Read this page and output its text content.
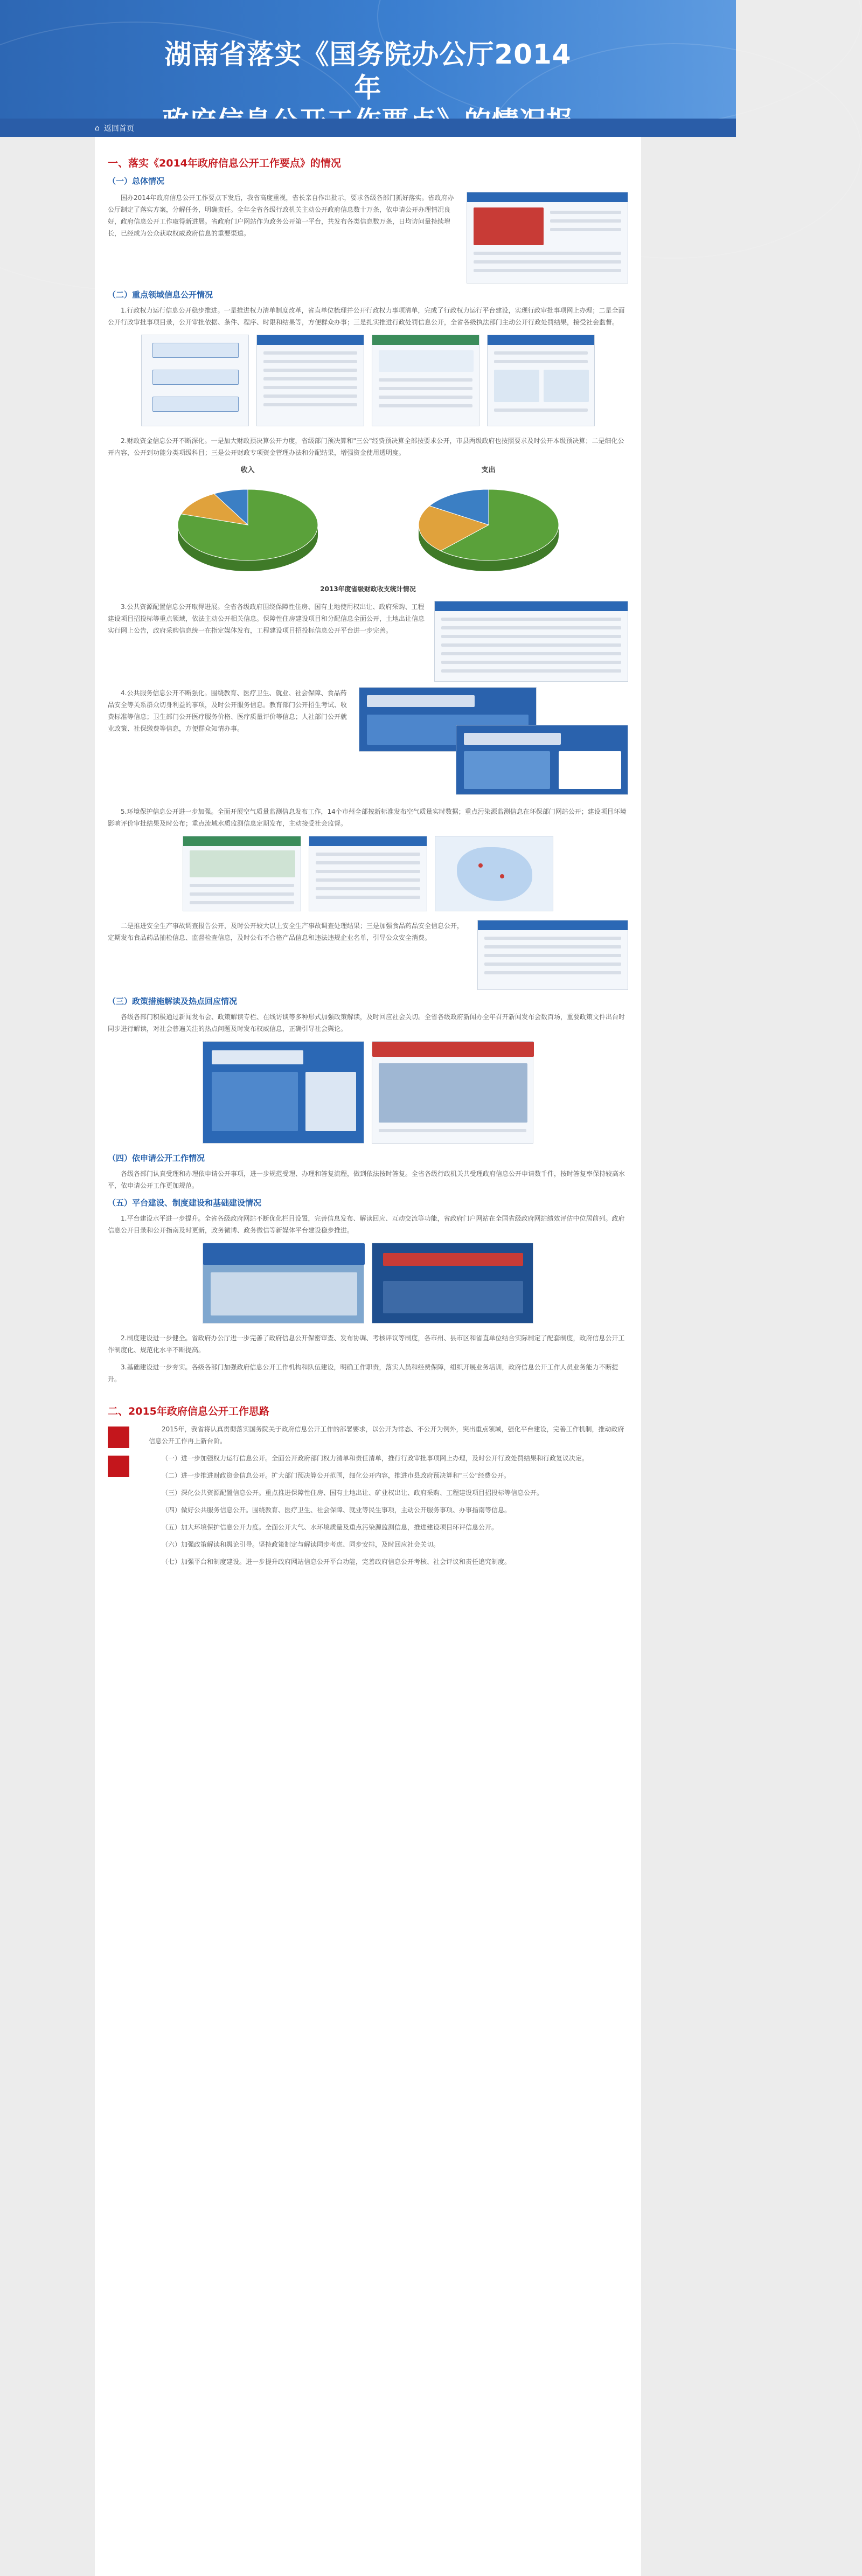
湖南省落实《国务院办公厅2014年
⌂ 返回首页
一、落实《2014年政府信息公开工作要点》的情况
（一）总体情况

国办2014年政府信息公开工作要点下发后，我省高度重视，省长亲自作出批示，要求各级各部门抓好落实。省政府办公厅制定了落实方案，分解任务，明确责任。全年全省各级行政机关主动公开政府信息数十万条，依申请公开办理情况良好，政府信息公开工作取得新进展。省政府门户网站作为政务公开第一平台，共发布各类信息数万条，日均访问量持续增长，已经成为公众获取权威政府信息的重要渠道。

（二）重点领域信息公开情况

1.行政权力运行信息公开稳步推进。一是推进权力清单制度改革，省直单位梳理并公开行政权力事项清单，完成了行政权力运行平台建设，实现行政审批事项网上办理；二是全面公开行政审批事项目录，公开审批依据、条件、程序、时限和结果等，方便群众办事；三是扎实推进行政处罚信息公开，全省各级执法部门主动公开行政处罚结果，接受社会监督。

2.财政资金信息公开不断深化。一是加大财政预决算公开力度，省级部门预决算和"三公"经费预决算全部按要求公开，市县两级政府也按照要求及时公开本级预决算；二是细化公开内容，公开到功能分类项级科目；三是公开财政专项资金管理办法和分配结果，增强资金使用透明度。

收入	支出
2013年度省级财政收支统计情况

3.公共资源配置信息公开取得进展。全省各级政府围绕保障性住房、国有土地使用权出让、政府采购、工程建设项目招投标等重点领域，依法主动公开相关信息。保障性住房建设项目和分配信息全面公开，土地出让信息实行网上公告，政府采购信息统一在指定媒体发布，工程建设项目招投标信息公开平台进一步完善。

4.公共服务信息公开不断强化。围绕教育、医疗卫生、就业、社会保障、食品药品安全等关系群众切身利益的事项，及时公开服务信息。教育部门公开招生考试、收费标准等信息；卫生部门公开医疗服务价格、医疗质量评价等信息；人社部门公开就业政策、社保缴费等信息，方便群众知情办事。

5.环境保护信息公开进一步加强。全面开展空气质量监测信息发布工作，14个市州全部按新标准发布空气质量实时数据；重点污染源监测信息在环保部门网站公开；建设项目环境影响评价审批结果及时公布；重点流域水质监测信息定期发布，主动接受社会监督。

二是推进安全生产事故调查报告公开，及时公开较大以上安全生产事故调查处理结果；三是加强食品药品安全信息公开，定期发布食品药品抽检信息、监督检查信息，及时公布不合格产品信息和违法违规企业名单，引导公众安全消费。

（三）政策措施解读及热点回应情况

各级各部门积极通过新闻发布会、政策解读专栏、在线访谈等多种形式加强政策解读，及时回应社会关切。全省各级政府新闻办全年召开新闻发布会数百场，重要政策文件出台时同步进行解读，对社会普遍关注的热点问题及时发布权威信息，正确引导社会舆论。

（四）依申请公开工作情况

各级各部门认真受理和办理依申请公开事项，进一步规范受理、办理和答复流程，做到依法按时答复。全省各级行政机关共受理政府信息公开申请数千件，按时答复率保持较高水平，依申请公开工作更加规范。

（五）平台建设、制度建设和基础建设情况

1.平台建设水平进一步提升。全省各级政府网站不断优化栏目设置，完善信息发布、解读回应、互动交流等功能，省政府门户网站在全国省级政府网站绩效评估中位居前列。政府信息公开目录和公开指南及时更新，政务微博、政务微信等新媒体平台建设稳步推进。

2.制度建设进一步健全。省政府办公厅进一步完善了政府信息公开保密审查、发布协调、考核评议等制度，各市州、县市区和省直单位结合实际制定了配套制度，政府信息公开工作制度化、规范化水平不断提高。

3.基础建设进一步夯实。各级各部门加强政府信息公开工作机构和队伍建设，明确工作职责，落实人员和经费保障，组织开展业务培训，政府信息公开工作人员业务能力不断提升。

二、2015年政府信息公开工作思路

2015年，我省将认真贯彻落实国务院关于政府信息公开工作的部署要求，以公开为常态、不公开为例外，突出重点领域，强化平台建设，完善工作机制，推动政府信息公开工作再上新台阶。

（一）进一步加强权力运行信息公开。全面公开政府部门权力清单和责任清单，推行行政审批事项网上办理，及时公开行政处罚结果和行政复议决定。

（二）进一步推进财政资金信息公开。扩大部门预决算公开范围，细化公开内容，推进市县政府预决算和"三公"经费公开。

（三）深化公共资源配置信息公开。重点推进保障性住房、国有土地出让、矿业权出让、政府采购、工程建设项目招投标等信息公开。

（四）做好公共服务信息公开。围绕教育、医疗卫生、社会保障、就业等民生事项，主动公开服务事项、办事指南等信息。

（五）加大环境保护信息公开力度。全面公开大气、水环境质量及重点污染源监测信息，推进建设项目环评信息公开。

（六）加强政策解读和舆论引导。坚持政策制定与解读同步考虑、同步安排，及时回应社会关切。

（七）加强平台和制度建设。进一步提升政府网站信息公开平台功能，完善政府信息公开考核、社会评议和责任追究制度。
